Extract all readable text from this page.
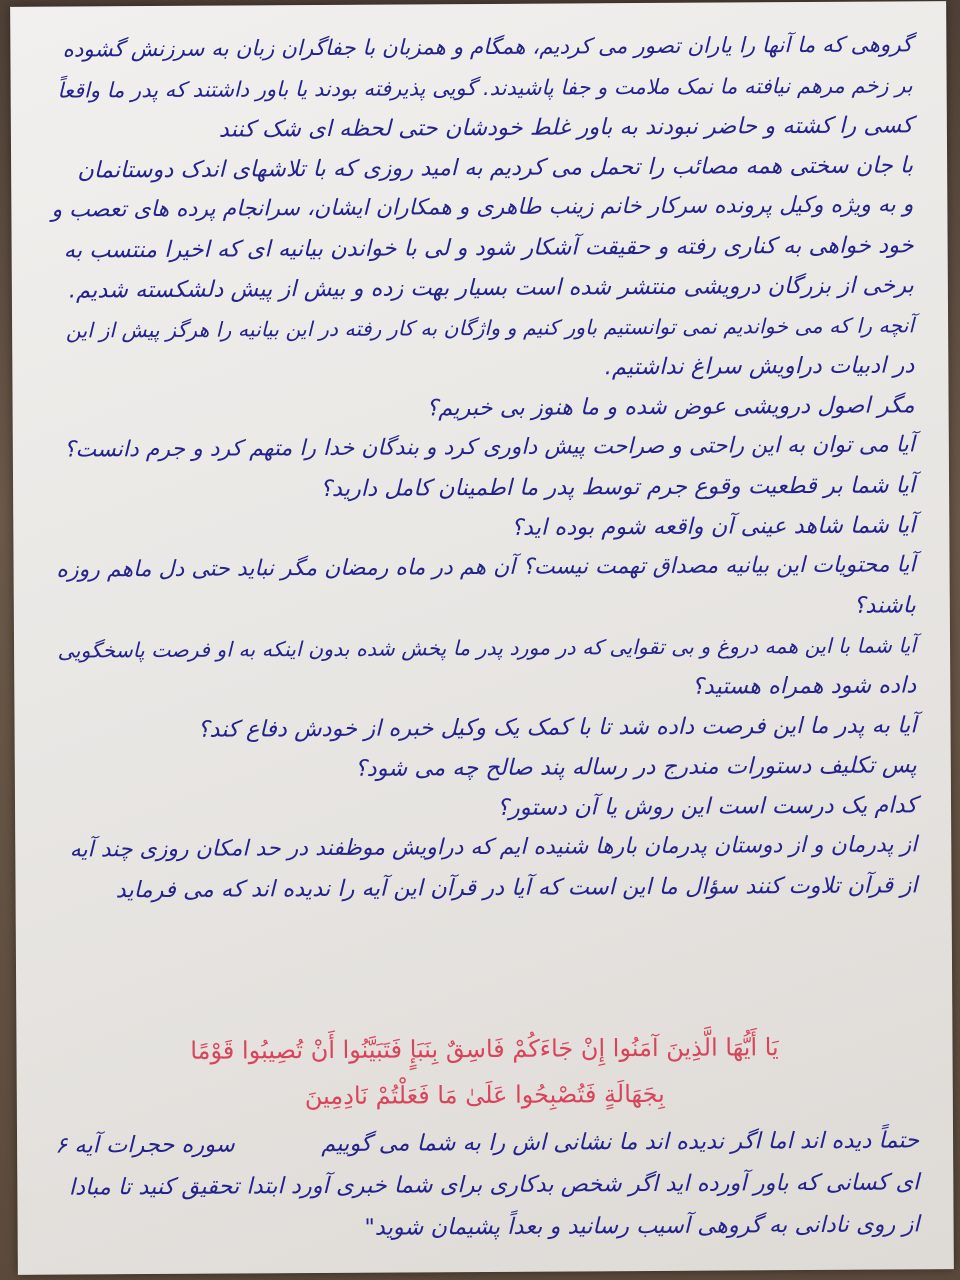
گروهی که ما آنها را یاران تصور می کردیم، همگام و همزبان با جفاگران زبان به سرزنش گشوده
بر زخم مرهم نیافته ما نمک ملامت و جفا پاشیدند. گویی پذیرفته بودند یا باور داشتند که پدر ما واقعاً
کسی را کشته و حاضر نبودند به باور غلط خودشان حتی لحظه ای شک کنند
با جان سختی همه مصائب را تحمل می کردیم به امید روزی که با تلاشهای اندک دوستانمان
و به ویژه وکیل پرونده سرکار خانم زینب طاهری و همکاران ایشان، سرانجام پرده های تعصب و
خود خواهی به کناری رفته و حقیقت آشکار شود و لی با خواندن بیانیه ای که اخیرا منتسب به
برخی از بزرگان درویشی منتشر شده است بسیار بهت زده و بیش از پیش دلشکسته شدیم.
آنچه را که می خواندیم نمی توانستیم باور کنیم و واژگان به کار رفته در این بیانیه را هرگز پیش از این
در ادبیات دراویش سراغ نداشتیم.
مگر اصول درویشی عوض شده و ما هنوز بی خبریم؟
آیا می توان به این راحتی و صراحت پیش داوری کرد و بندگان خدا را متهم کرد و جرم دانست؟
آیا شما بر قطعیت وقوع جرم توسط پدر ما اطمینان کامل دارید؟
آیا شما شاهد عینی آن واقعه شوم بوده اید؟
آیا محتویات این بیانیه مصداق تهمت نیست؟ آن هم در ماه رمضان مگر نباید حتی دل ماهم روزه
باشند؟
آیا شما با این همه دروغ و بی تقوایی که در مورد پدر ما پخش شده بدون اینکه به او فرصت پاسخگویی
داده شود همراه هستید؟
آیا به پدر ما این فرصت داده شد تا با کمک یک وکیل خبره از خودش دفاع کند؟
پس تکلیف دستورات مندرج در رساله پند صالح چه می شود؟
کدام یک درست است این روش یا آن دستور؟
از پدرمان و از دوستان پدرمان بارها شنیده ایم که دراویش موظفند در حد امکان روزی چند آیه
از قرآن تلاوت کنند سؤال ما این است که آیا در قرآن این آیه را ندیده اند که می فرماید
یَا أَیُّهَا الَّذِینَ آمَنُوا إِنْ جَاءَکُمْ فَاسِقٌ بِنَبَإٍ فَتَبَیَّنُوا أَنْ تُصِیبُوا قَوْمًا
بِجَهَالَةٍ فَتُصْبِحُوا عَلَىٰ مَا فَعَلْتُمْ نَادِمِینَ
حتماً دیده اند اما اگر ندیده اند ما نشانی اش را به شما می گوییم
سوره حجرات آیه ۶
ای کسانی که باور آورده اید اگر شخص بدکاری برای شما خبری آورد ابتدا تحقیق کنید تا مبادا
از روی نادانی به گروهی آسیب رسانید و بعداً پشیمان شوید"
